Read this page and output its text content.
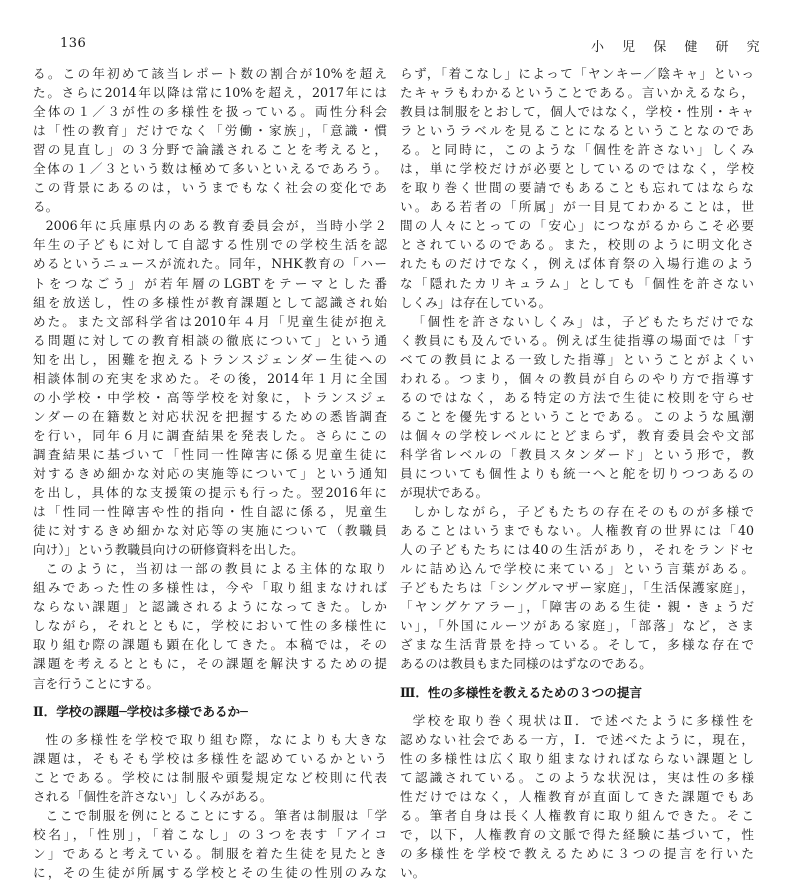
136	小 児 保 健 研 究
る。この年初めて該当レポート数の割合が10%を超え
た。さらに2014年以降は常に10%を超え，2017年には
全体の１／３が性の多様性を扱っている。両性分科会
は「性の教育」だけでなく「労働・家族」，「意識・慣
習の見直し」の３分野で論議されることを考えると，
全体の１／３という数は極めて多いといえるであろう。
この背景にあるのは，いうまでもなく社会の変化であ
る。
2006年に兵庫県内のある教育委員会が，当時小学２
年生の子どもに対して自認する性別での学校生活を認
めるというニュースが流れた。同年，NHK教育の「ハー
トをつなごう」が若年層のLGBTをテーマとした番
組を放送し，性の多様性が教育課題として認識され始
めた。また文部科学省は2010年４月「児童生徒が抱え
る問題に対しての教育相談の徹底について」という通
知を出し，困難を抱えるトランスジェンダー生徒への
相談体制の充実を求めた。その後，2014年１月に全国
の小学校・中学校・高等学校を対象に，トランスジェ
ンダーの在籍数と対応状況を把握するための悉皆調査
を行い，同年６月に調査結果を発表した。さらにこの
調査結果に基づいて「性同一性障害に係る児童生徒に
対するきめ細かな対応の実施等について」という通知
を出し，具体的な支援策の提示も行った。翌2016年に
は「性同一性障害や性的指向・性自認に係る，児童生
徒に対するきめ細かな対応等の実施について（教職員
向け）」という教職員向けの研修資料を出した。
このように，当初は一部の教員による主体的な取り
組みであった性の多様性は，今や「取り組まなければ
ならない課題」と認識されるようになってきた。しか
しながら，それとともに，学校において性の多様性に
取り組む際の課題も顕在化してきた。本稿では，その
課題を考えるとともに，その課題を解決するための提
言を行うことにする。
Ⅱ．学校の課題─学校は多様であるか─
性の多様性を学校で取り組む際，なによりも大きな
課題は，そもそも学校は多様性を認めているかという
ことである。学校には制服や頭髪規定など校則に代表
される「個性を許さない」しくみがある。
ここで制服を例にとることにする。筆者は制服は「学
校名」，「性別」，「着こなし」の３つを表す「アイコ
ン」であると考えている。制服を着た生徒を見たとき
に，その生徒が所属する学校とその生徒の性別のみな
らず，「着こなし」によって「ヤンキー／陰キャ」といっ
たキャラもわかるということである。言いかえるなら，
教員は制服をとおして，個人ではなく，学校・性別・キャ
ラというラベルを見ることになるということなのであ
る。と同時に，このような「個性を許さない」しくみ
は，単に学校だけが必要としているのではなく，学校
を取り巻く世間の要請でもあることも忘れてはならな
い。ある若者の「所属」が一目見てわかることは，世
間の人々にとっての「安心」につながるからこそ必要
とされているのである。また，校則のように明文化さ
れたものだけでなく，例えば体育祭の入場行進のよう
な「隠れたカリキュラム」としても「個性を許さない
しくみ」は存在している。
「個性を許さないしくみ」は，子どもたちだけでな
く教員にも及んでいる。例えば生徒指導の場面では「す
べての教員による一致した指導」ということがよくい
われる。つまり，個々の教員が自らのやり方で指導す
るのではなく，ある特定の方法で生徒に校則を守らせ
ることを優先するということである。このような風潮
は個々の学校レベルにとどまらず，教育委員会や文部
科学省レベルの「教員スタンダード」という形で，教
員についても個性よりも統一へと舵を切りつつあるの
が現状である。
しかしながら，子どもたちの存在そのものが多様で
あることはいうまでもない。人権教育の世界には「40
人の子どもたちには40の生活があり，それをランドセ
ルに詰め込んで学校に来ている」という言葉がある。
子どもたちは「シングルマザー家庭」，「生活保護家庭」，
「ヤングケアラー」，「障害のある生徒・親・きょうだ
い」，「外国にルーツがある家庭」，「部落」など，さま
ざまな生活背景を持っている。そして，多様な存在で
あるのは教員もまた同様のはずなのである。
Ⅲ．性の多様性を教えるための３つの提言
学校を取り巻く現状はⅡ．で述べたように多様性を
認めない社会である一方，Ⅰ．で述べたように，現在，
性の多様性は広く取り組まなければならない課題とし
て認識されている。このような状況は，実は性の多様
性だけではなく，人権教育が直面してきた課題でもあ
る。筆者自身は長く人権教育に取り組んできた。そこ
で，以下，人権教育の文脈で得た経験に基づいて，性
の多様性を学校で教えるために３つの提言を行いた
い。
